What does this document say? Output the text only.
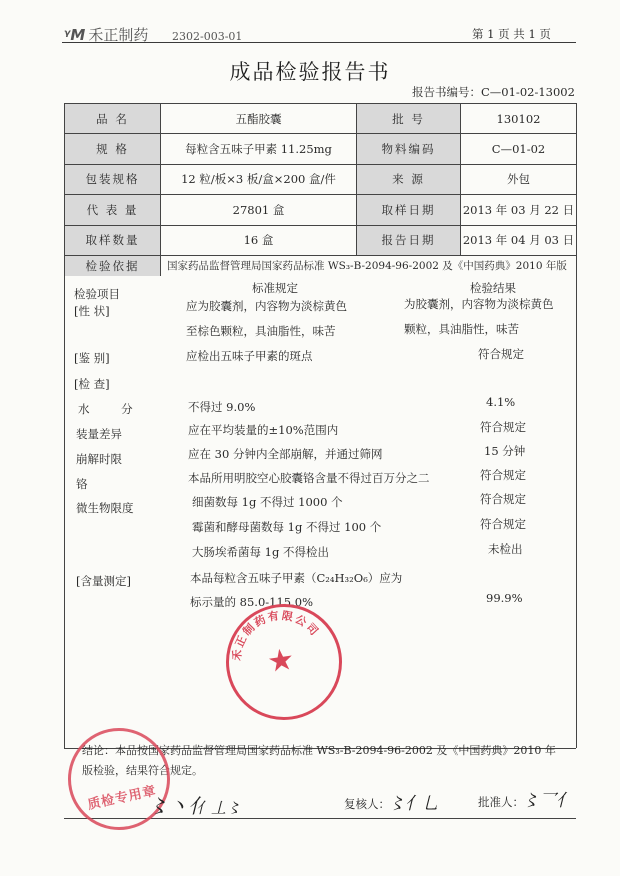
ᵞM 禾正制药 2302-003-01	第 1 页 共 1 页
成品检验报告书
报告书编号：C—01-02-13002
品 名	五酯胶囊	批 号	130102
规 格	每粒含五味子甲素 11.25mg	物料编码	C—01-02
包装规格	12 粒/板×3 板/盒×200 盒/件	来 源	外包
代 表 量	27801 盒	取样日期	2013 年 03 月 22 日
取样数量	16 盒	报告日期	2013 年 04 月 03 日
检验依据	国家药品监督管理局国家药品标准 WS₃-B-2094-96-2002 及《中国药典》2010 年版		
检验项目	标准规定	检验结果
[性 状]	应为胶囊剂，内容物为淡棕黄色	为胶囊剂，内容物为淡棕黄色
至棕色颗粒，具油脂性，味苦	颗粒，具油脂性，味苦
[鉴 别]	应检出五味子甲素的斑点	符合规定
[检 查]
水 分	不得过 9.0%	4.1%
装量差异	应在平均装量的±10%范围内	符合规定
崩解时限	应在 30 分钟内全部崩解，并通过筛网	15 分钟
铬	本品所用明胶空心胶囊铬含量不得过百万分之二	符合规定
微生物限度	细菌数每 1g 不得过 1000 个	符合规定
霉菌和酵母菌数每 1g 不得过 100 个	符合规定
大肠埃希菌每 1g 不得检出	未检出
[含量测定]	本品每粒含五味子甲素（C₂₄H₃₂O₆）应为
标示量的 85.0-115.0%	99.9%
禾正制药有限公司
★
结论：本品按国家药品监督管理局国家药品标准 WS₃-B-2094-96-2002 及《中国药典》2010 年
版检验，结果符合规定。
质检专用章
〻丶⺅
⺅丄〻	复核人：
〻⺅乚	批准人：
〻乛⺅
